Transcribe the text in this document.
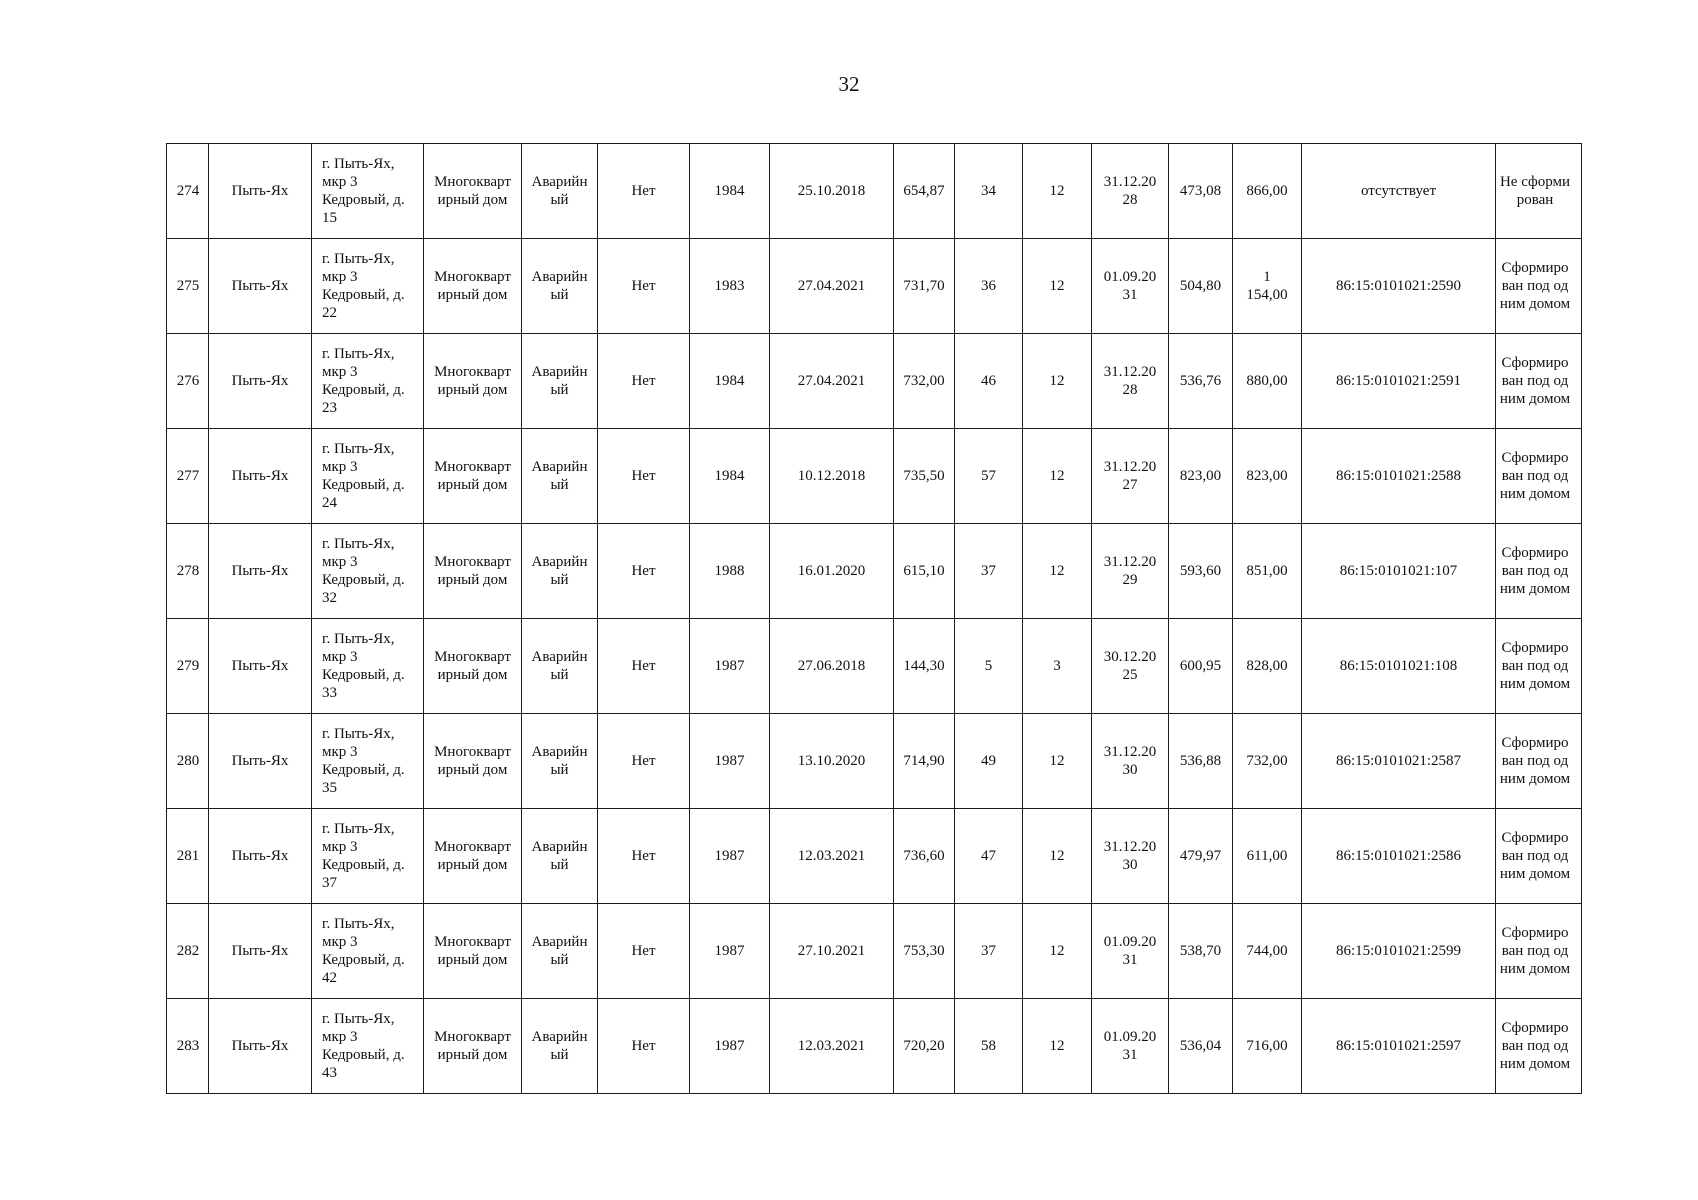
32
274	Пыть-Ях	г. Пыть-Ях, мкр 3 Кедровый, д. 15	Многоквартирный дом	Аварийный	Нет	1984	25.10.2018	654,87	34	12	31.12.2028	473,08	866,00	отсутствует	Не сформирован

275	Пыть-Ях	г. Пыть-Ях, мкр 3 Кедровый, д. 22	Многоквартирный дом	Аварийный	Нет	1983	27.04.2021	731,70	36	12	01.09.2031	504,80	1 154,00	86:15:0101021:2590	Сформирован под одним домом

276	Пыть-Ях	г. Пыть-Ях, мкр 3 Кедровый, д. 23	Многоквартирный дом	Аварийный	Нет	1984	27.04.2021	732,00	46	12	31.12.2028	536,76	880,00	86:15:0101021:2591	Сформирован под одним домом

277	Пыть-Ях	г. Пыть-Ях, мкр 3 Кедровый, д. 24	Многоквартирный дом	Аварийный	Нет	1984	10.12.2018	735,50	57	12	31.12.2027	823,00	823,00	86:15:0101021:2588	Сформирован под одним домом

278	Пыть-Ях	г. Пыть-Ях, мкр 3 Кедровый, д. 32	Многоквартирный дом	Аварийный	Нет	1988	16.01.2020	615,10	37	12	31.12.2029	593,60	851,00	86:15:0101021:107	Сформирован под одним домом

279	Пыть-Ях	г. Пыть-Ях, мкр 3 Кедровый, д. 33	Многоквартирный дом	Аварийный	Нет	1987	27.06.2018	144,30	5	3	30.12.2025	600,95	828,00	86:15:0101021:108	Сформирован под одним домом

280	Пыть-Ях	г. Пыть-Ях, мкр 3 Кедровый, д. 35	Многоквартирный дом	Аварийный	Нет	1987	13.10.2020	714,90	49	12	31.12.2030	536,88	732,00	86:15:0101021:2587	Сформирован под одним домом

281	Пыть-Ях	г. Пыть-Ях, мкр 3 Кедровый, д. 37	Многоквартирный дом	Аварийный	Нет	1987	12.03.2021	736,60	47	12	31.12.2030	479,97	611,00	86:15:0101021:2586	Сформирован под одним домом

282	Пыть-Ях	г. Пыть-Ях, мкр 3 Кедровый, д. 42	Многоквартирный дом	Аварийный	Нет	1987	27.10.2021	753,30	37	12	01.09.2031	538,70	744,00	86:15:0101021:2599	Сформирован под одним домом

283	Пыть-Ях	г. Пыть-Ях, мкр 3 Кедровый, д. 43	Многоквартирный дом	Аварийный	Нет	1987	12.03.2021	720,20	58	12	01.09.2031	536,04	716,00	86:15:0101021:2597	Сформирован под одним домом
